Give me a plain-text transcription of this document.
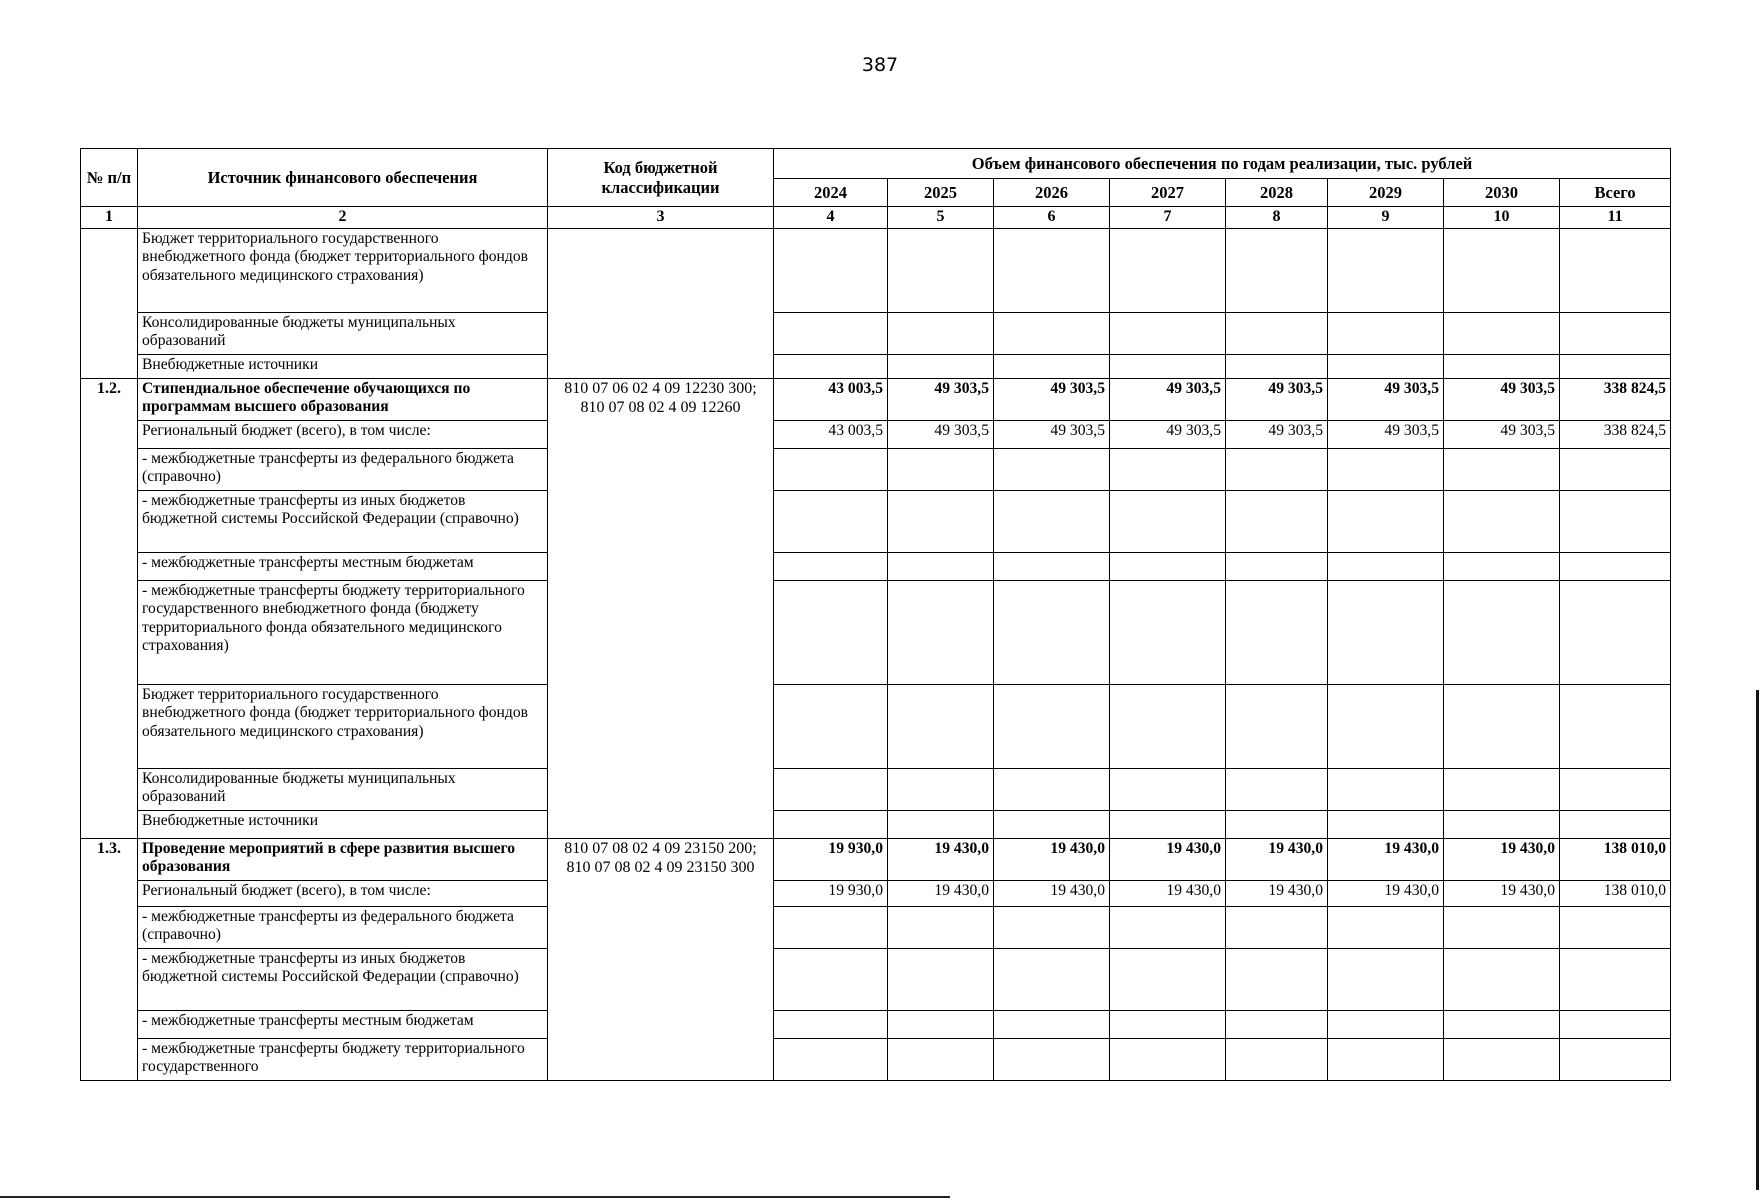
387
№ п/п	Источник финансового обеспечения	Код бюджетной классификации	Объем финансового обеспечения по годам реализации, тыс. рублей							
			2024	2025	2026	2027	2028	2029	2030	Всего
1	2	3	4	5	6	7	8	9	10	11
	Бюджет территориального государственного внебюджетного фонда (бюджет территориального фондов обязательного медицинского страхования)									
	Консолидированные бюджеты муниципальных образований									
	Внебюджетные источники									
1.2.	Стипендиальное обеспечение обучающихся по программам высшего образования	810 07 06 02 4 09 12230 300;
810 07 08 02 4 09 12260	43 003,5	49 303,5	49 303,5	49 303,5	49 303,5	49 303,5	49 303,5	338 824,5
	Региональный бюджет (всего), в том числе:		43 003,5	49 303,5	49 303,5	49 303,5	49 303,5	49 303,5	49 303,5	338 824,5
	- межбюджетные трансферты из федерального бюджета (справочно)									
	- межбюджетные трансферты из иных бюджетов бюджетной системы Российской Федерации (справочно)									
	- межбюджетные трансферты местным бюджетам									
	- межбюджетные трансферты бюджету территориального государственного внебюджетного фонда (бюджету территориального фонда обязательного медицинского страхования)									
	Бюджет территориального государственного внебюджетного фонда (бюджет территориального фондов обязательного медицинского страхования)									
	Консолидированные бюджеты муниципальных образований									
	Внебюджетные источники									
1.3.	Проведение мероприятий в сфере развития высшего образования	810 07 08 02 4 09 23150 200;
810 07 08 02 4 09 23150 300	19 930,0	19 430,0	19 430,0	19 430,0	19 430,0	19 430,0	19 430,0	138 010,0
	Региональный бюджет (всего), в том числе:		19 930,0	19 430,0	19 430,0	19 430,0	19 430,0	19 430,0	19 430,0	138 010,0
	- межбюджетные трансферты из федерального бюджета (справочно)									
	- межбюджетные трансферты из иных бюджетов бюджетной системы Российской Федерации (справочно)									
	- межбюджетные трансферты местным бюджетам									
	- межбюджетные трансферты бюджету территориального государственного									
